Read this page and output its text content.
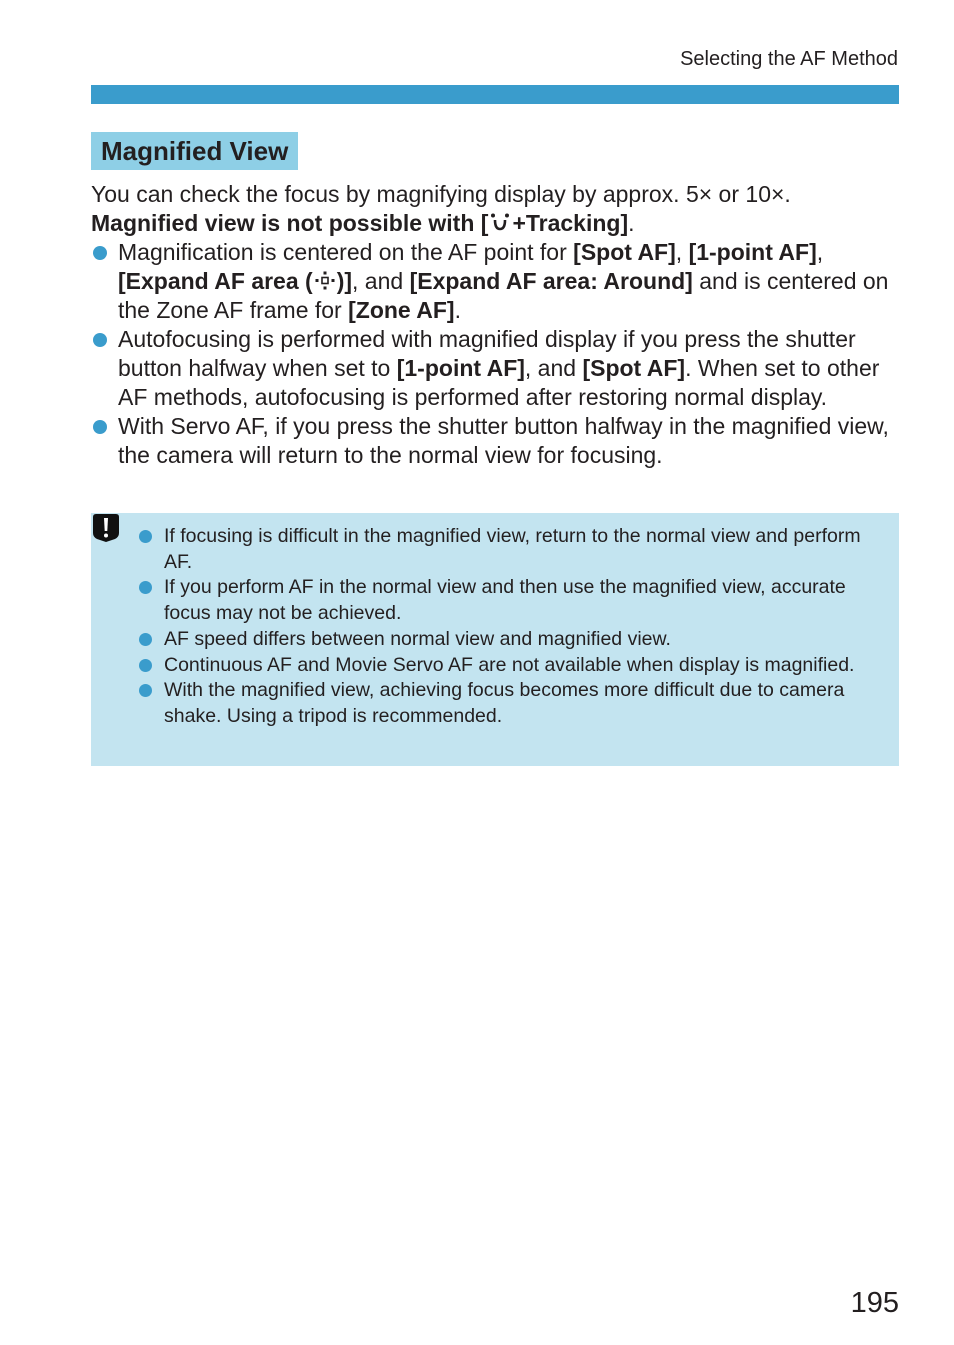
Selecting the AF Method
Magnified View

You can check the focus by magnifying display by approx. 5× or 10×.

Magnified view is not possible with [ +Tracking].

Magnification is centered on the AF point for [Spot AF], [1-point AF],
[Expand AF area ( )], and [Expand AF area: Around] and is centered on the Zone AF frame for [Zone AF].
Autofocusing is performed with magnified display if you press the shutter button halfway when set to [1-point AF], and [Spot AF]. When set to other AF methods, autofocusing is performed after restoring normal display.
With Servo AF, if you press the shutter button halfway in the magnified view, the camera will return to the normal view for focusing.
If focusing is difficult in the magnified view, return to the normal view and perform AF.
If you perform AF in the normal view and then use the magnified view, accurate focus may not be achieved.
AF speed differs between normal view and magnified view.
Continuous AF and Movie Servo AF are not available when display is magnified.
With the magnified view, achieving focus becomes more difficult due to camera shake. Using a tripod is recommended.
195
